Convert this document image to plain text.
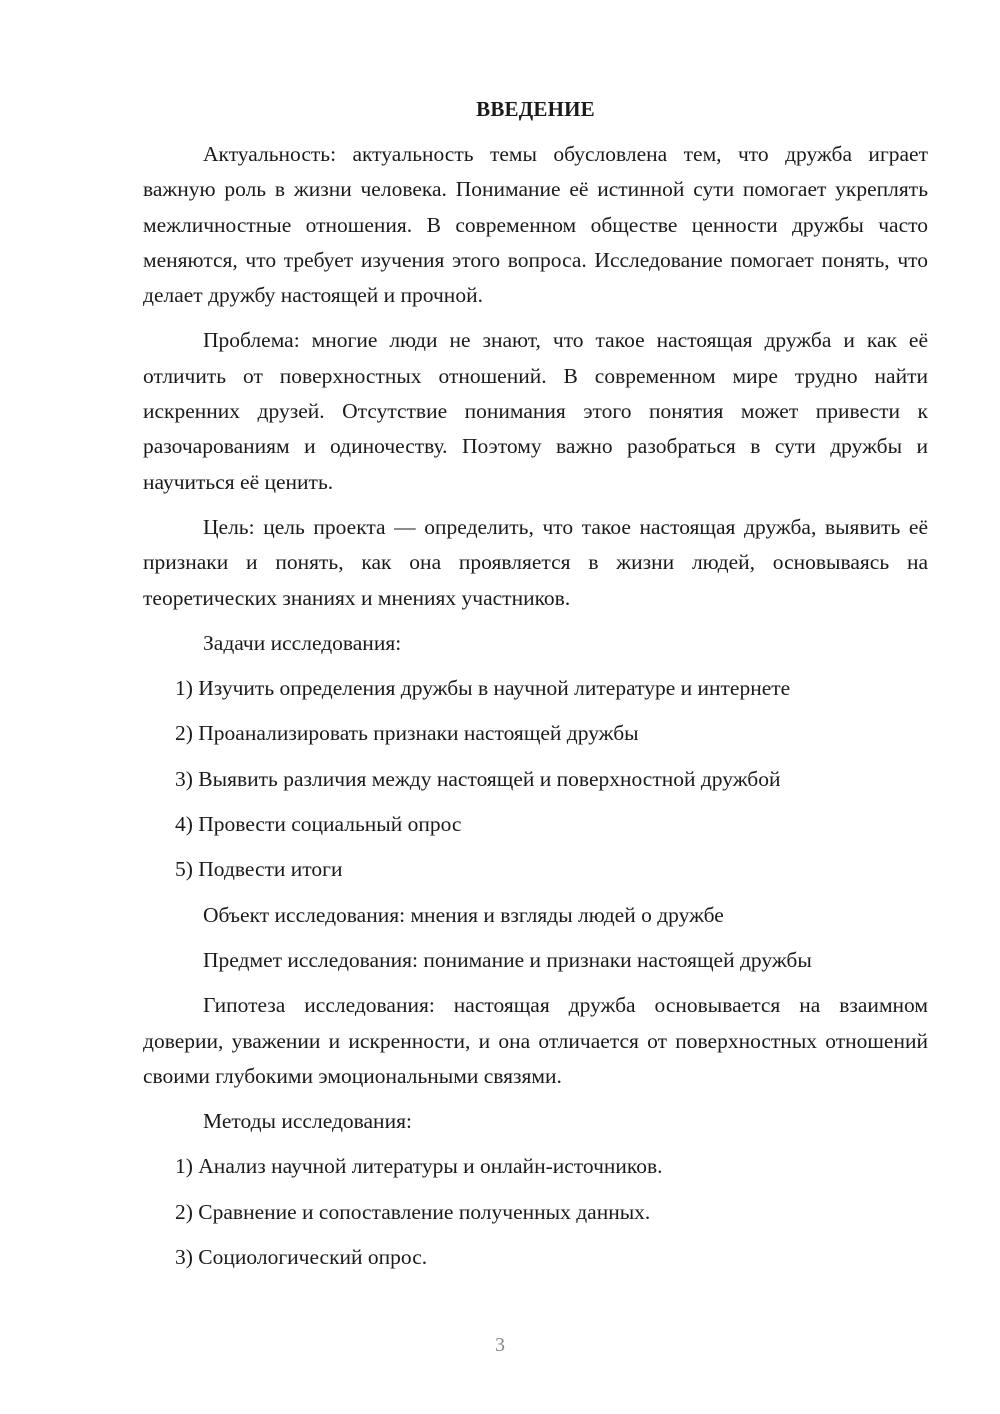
ВВЕДЕНИЕ

Актуальность: актуальность темы обусловлена тем, что дружба играет важную роль в жизни человека. Понимание её истинной сути помогает укреплять межличностные отношения. В современном обществе ценности дружбы часто меняются, что требует изучения этого вопроса. Исследование помогает понять, что делает дружбу настоящей и прочной.

Проблема: многие люди не знают, что такое настоящая дружба и как её отличить от поверхностных отношений. В современном мире трудно найти искренних друзей. Отсутствие понимания этого понятия может привести к разочарованиям и одиночеству. Поэтому важно разобраться в сути дружбы и научиться её ценить.

Цель: цель проекта — определить, что такое настоящая дружба, выявить её признаки и понять, как она проявляется в жизни людей, основываясь на теоретических знаниях и мнениях участников.

Задачи исследования:
1) Изучить определения дружбы в научной литературе и интернете
2) Проанализировать признаки настоящей дружбы
3) Выявить различия между настоящей и поверхностной дружбой
4) Провести социальный опрос
5) Подвести итоги
Объект исследования: мнения и взгляды людей о дружбе
Предмет исследования: понимание и признаки настоящей дружбы

Гипотеза исследования: настоящая дружба основывается на взаимном доверии, уважении и искренности, и она отличается от поверхностных отношений своими глубокими эмоциональными связями.

Методы исследования:
1) Анализ научной литературы и онлайн-источников.
2) Сравнение и сопоставление полученных данных.
3) Социологический опрос.
3
